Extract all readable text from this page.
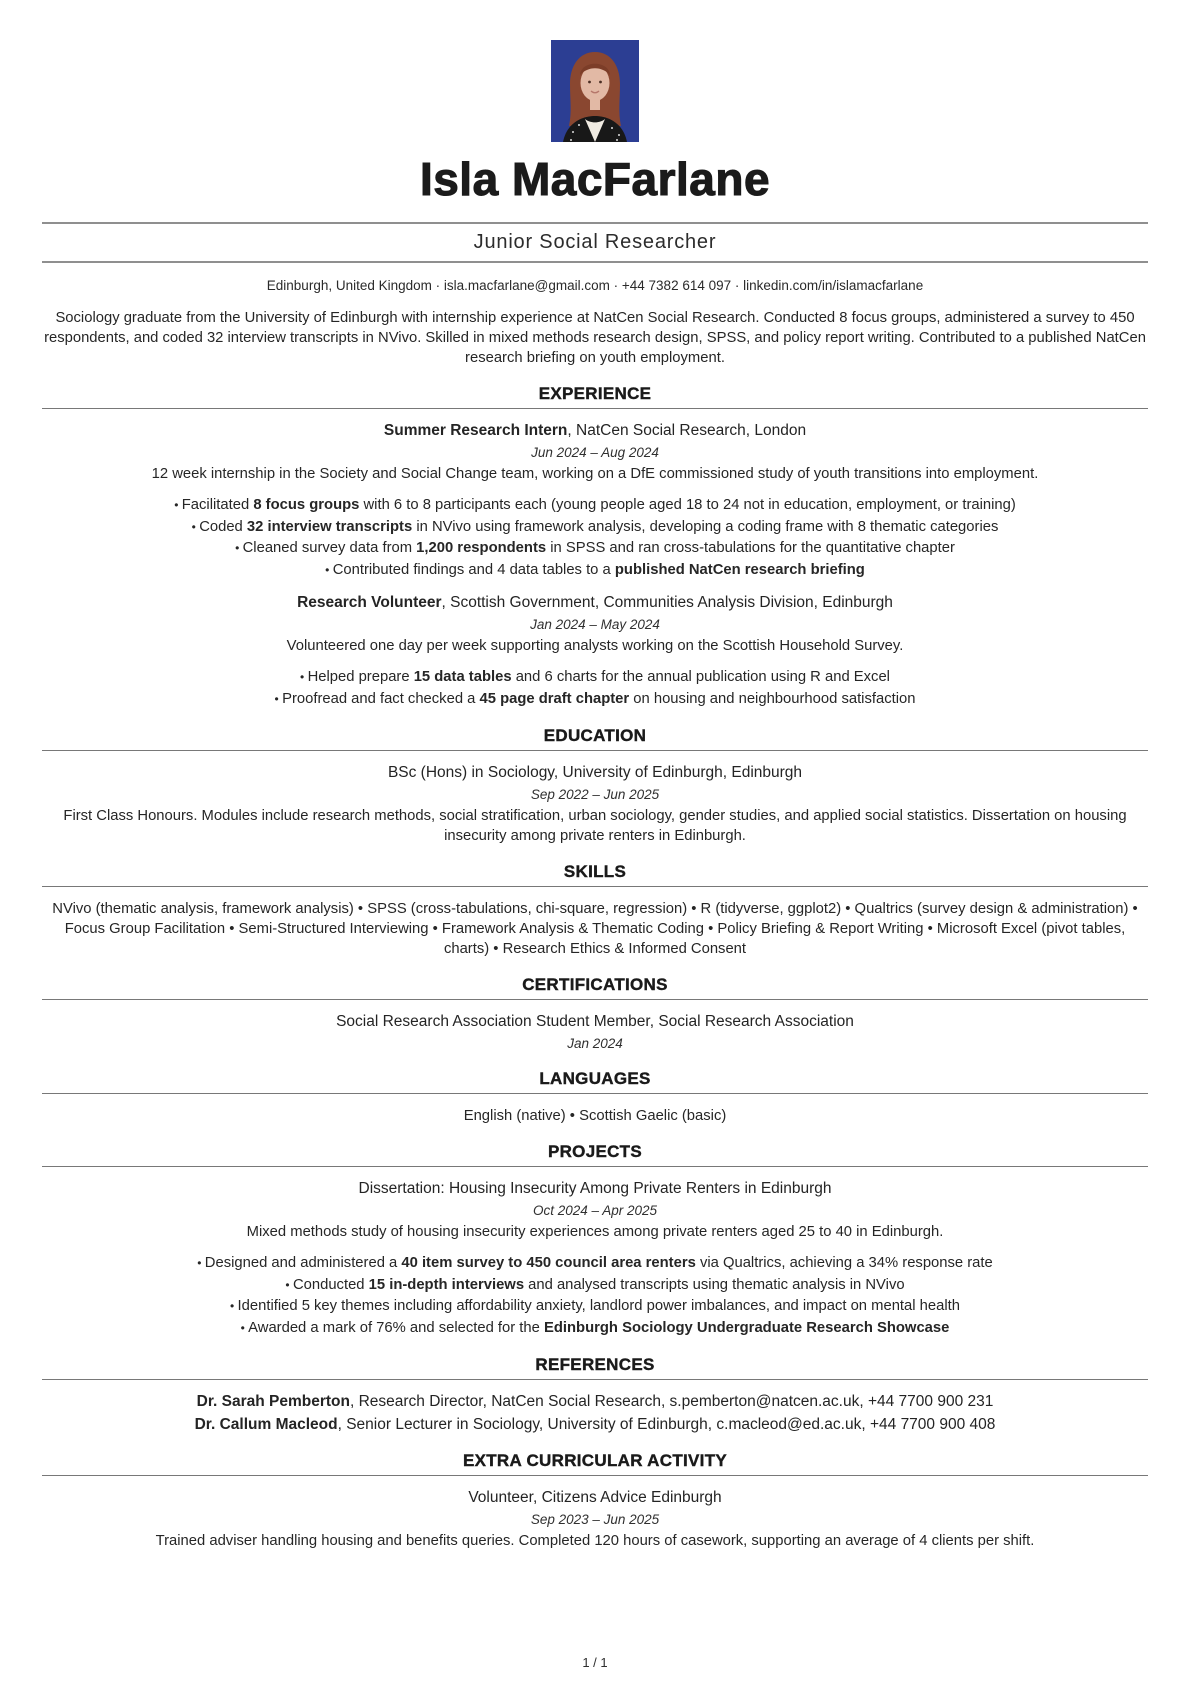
Isla MacFarlane
Junior Social Researcher
Edinburgh, United Kingdom · isla.macfarlane@gmail.com · +44 7382 614 097 · linkedin.com/in/islamacfarlane
Sociology graduate from the University of Edinburgh with internship experience at NatCen Social Research. Conducted 8 focus groups, administered a survey to 450 respondents, and coded 32 interview transcripts in NVivo. Skilled in mixed methods research design, SPSS, and policy report writing. Contributed to a published NatCen research briefing on youth employment.
EXPERIENCE
Summer Research Intern, NatCen Social Research, London
Jun 2024 – Aug 2024
12 week internship in the Society and Social Change team, working on a DfE commissioned study of youth transitions into employment.
• Facilitated 8 focus groups with 6 to 8 participants each (young people aged 18 to 24 not in education, employment, or training)
• Coded 32 interview transcripts in NVivo using framework analysis, developing a coding frame with 8 thematic categories
• Cleaned survey data from 1,200 respondents in SPSS and ran cross-tabulations for the quantitative chapter
• Contributed findings and 4 data tables to a published NatCen research briefing
Research Volunteer, Scottish Government, Communities Analysis Division, Edinburgh
Jan 2024 – May 2024
Volunteered one day per week supporting analysts working on the Scottish Household Survey.
• Helped prepare 15 data tables and 6 charts for the annual publication using R and Excel
• Proofread and fact checked a 45 page draft chapter on housing and neighbourhood satisfaction
EDUCATION
BSc (Hons) in Sociology, University of Edinburgh, Edinburgh
Sep 2022 – Jun 2025
First Class Honours. Modules include research methods, social stratification, urban sociology, gender studies, and applied social statistics. Dissertation on housing insecurity among private renters in Edinburgh.
SKILLS
NVivo (thematic analysis, framework analysis) • SPSS (cross-tabulations, chi-square, regression) • R (tidyverse, ggplot2) • Qualtrics (survey design & administration) • Focus Group Facilitation • Semi-Structured Interviewing • Framework Analysis & Thematic Coding • Policy Briefing & Report Writing • Microsoft Excel (pivot tables, charts) • Research Ethics & Informed Consent
CERTIFICATIONS
Social Research Association Student Member, Social Research Association
Jan 2024
LANGUAGES
English (native) • Scottish Gaelic (basic)
PROJECTS
Dissertation: Housing Insecurity Among Private Renters in Edinburgh
Oct 2024 – Apr 2025
Mixed methods study of housing insecurity experiences among private renters aged 25 to 40 in Edinburgh.
• Designed and administered a 40 item survey to 450 council area renters via Qualtrics, achieving a 34% response rate
• Conducted 15 in-depth interviews and analysed transcripts using thematic analysis in NVivo
• Identified 5 key themes including affordability anxiety, landlord power imbalances, and impact on mental health
• Awarded a mark of 76% and selected for the Edinburgh Sociology Undergraduate Research Showcase
REFERENCES
Dr. Sarah Pemberton, Research Director, NatCen Social Research, s.pemberton@natcen.ac.uk, +44 7700 900 231
Dr. Callum Macleod, Senior Lecturer in Sociology, University of Edinburgh, c.macleod@ed.ac.uk, +44 7700 900 408
EXTRA CURRICULAR ACTIVITY
Volunteer, Citizens Advice Edinburgh
Sep 2023 – Jun 2025
Trained adviser handling housing and benefits queries. Completed 120 hours of casework, supporting an average of 4 clients per shift.
1 / 1
